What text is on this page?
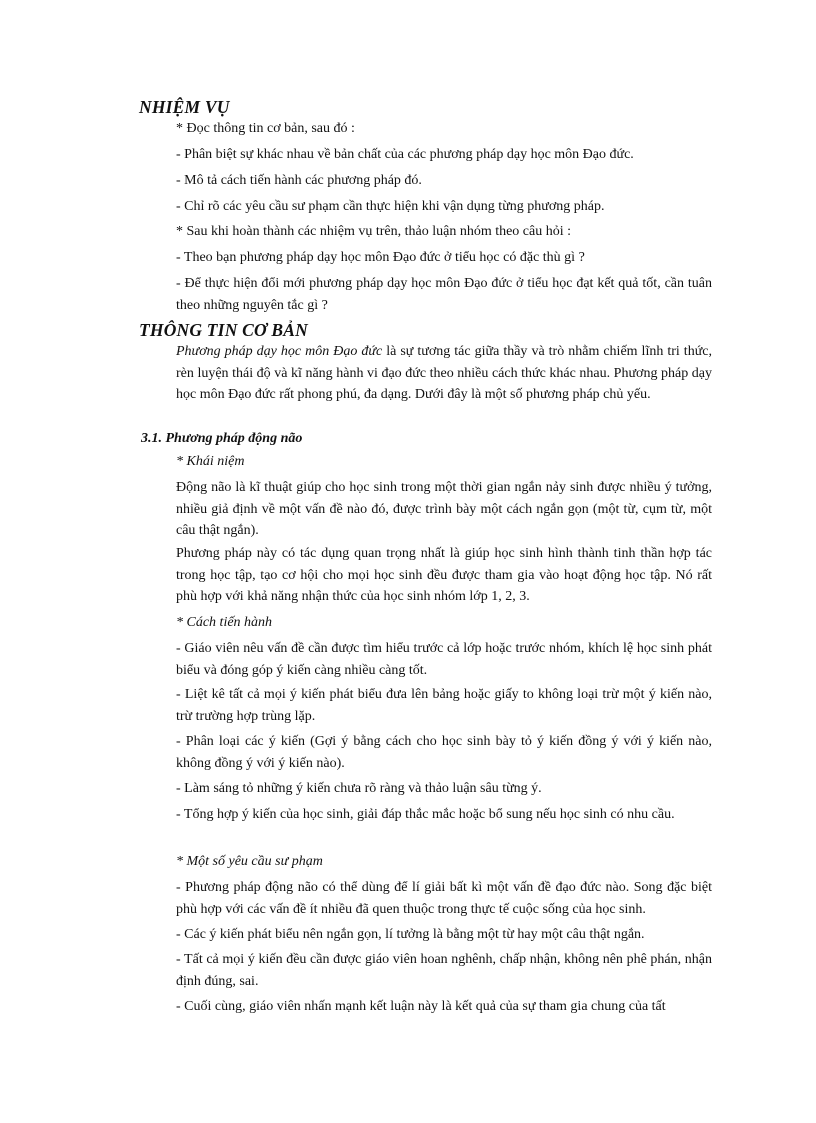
NHIỆM VỤ
* Đọc thông tin cơ bản, sau đó :
- Phân biệt sự khác nhau về bản chất của các phương pháp dạy học môn Đạo đức.
- Mô tả cách tiến hành các phương pháp đó.
- Chỉ rõ các yêu cầu sư phạm cần thực hiện khi vận dụng từng phương pháp.
* Sau khi hoàn thành các nhiệm vụ trên, thảo luận nhóm theo câu hỏi :
- Theo bạn phương pháp dạy học môn Đạo đức ở tiểu học có đặc thù gì ?
- Để thực hiện đổi mới phương pháp dạy học môn Đạo đức ở tiểu học đạt kết quả tốt, cần tuân theo những nguyên tắc gì ?
THÔNG TIN CƠ BẢN
Phương pháp dạy học môn Đạo đức là sự tương tác giữa thầy và trò nhằm chiếm lĩnh tri thức, rèn luyện thái độ và kĩ năng hành vi đạo đức theo nhiều cách thức khác nhau. Phương pháp dạy học môn Đạo đức rất phong phú, đa dạng. Dưới đây là một số phương pháp chủ yếu.
3.1. Phương pháp động não
* Khái niệm
Động não là kĩ thuật giúp cho học sinh trong một thời gian ngắn nảy sinh được nhiều ý tưởng, nhiều giả định về một vấn đề nào đó, được trình bày một cách ngắn gọn (một từ, cụm từ, một câu thật ngắn).
Phương pháp này có tác dụng quan trọng nhất là giúp học sinh hình thành tinh thần hợp tác trong học tập, tạo cơ hội cho mọi học sinh đều được tham gia vào hoạt động học tập. Nó rất phù hợp với khả năng nhận thức của học sinh nhóm lớp 1, 2, 3.
* Cách tiến hành
- Giáo viên nêu vấn đề cần được tìm hiểu trước cả lớp hoặc trước nhóm, khích lệ học sinh phát biểu và đóng góp ý kiến càng nhiều càng tốt.
- Liệt kê tất cả mọi ý kiến phát biểu đưa lên bảng hoặc giấy to không loại trừ một ý kiến nào, trừ trường hợp trùng lặp.
- Phân loại các ý kiến (Gợi ý bằng cách cho học sinh bày tỏ ý kiến đồng ý với ý kiến nào, không đồng ý với ý kiến nào).
- Làm sáng tỏ những ý kiến chưa rõ ràng và thảo luận sâu từng ý.
- Tổng hợp ý kiến của học sinh, giải đáp thắc mắc hoặc bổ sung nếu học sinh có nhu cầu.
* Một số yêu cầu sư phạm
- Phương pháp động não có thể dùng để lí giải bất kì một vấn đề đạo đức nào. Song đặc biệt phù hợp với các vấn đề ít nhiều đã quen thuộc trong thực tế cuộc sống của học sinh.
- Các ý kiến phát biểu nên ngắn gọn, lí tưởng là bằng một từ hay một câu thật ngắn.
- Tất cả mọi ý kiến đều cần được giáo viên hoan nghênh, chấp nhận, không nên phê phán, nhận định đúng, sai.
- Cuối cùng, giáo viên nhấn mạnh kết luận này là kết quả của sự tham gia chung của tất
